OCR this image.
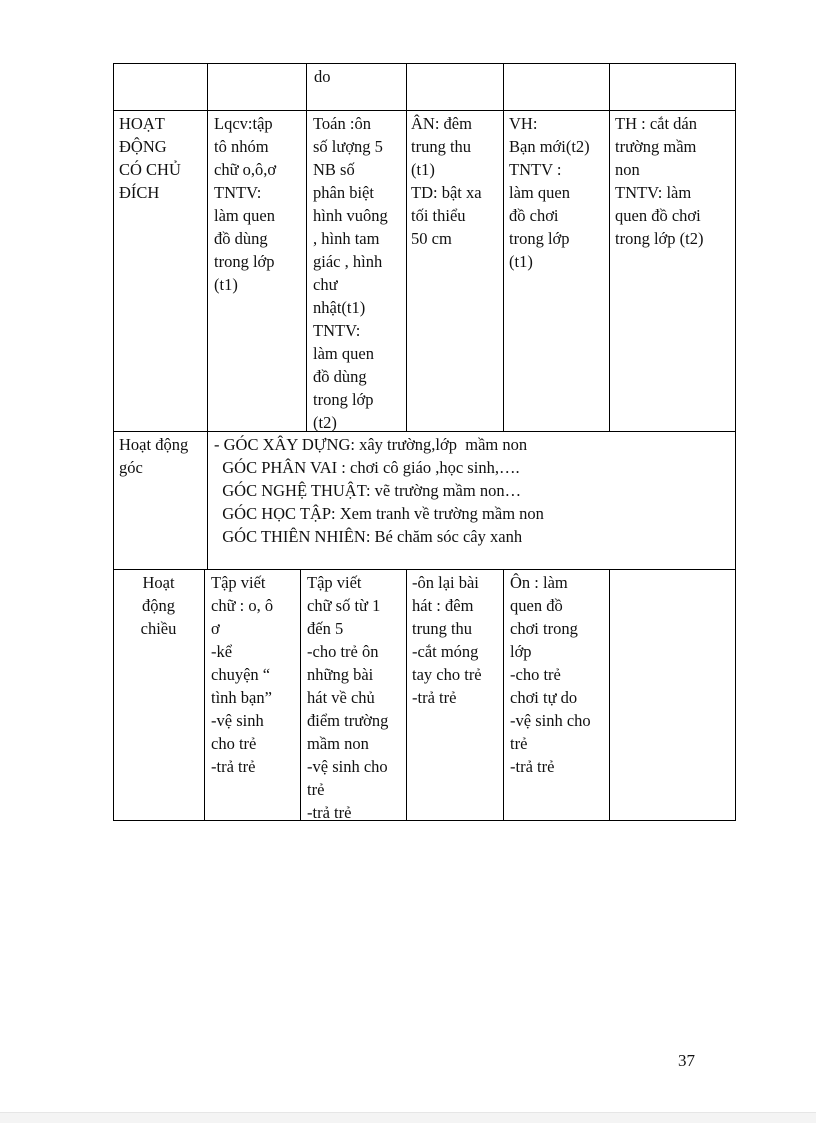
do
HOẠT
ĐỘNG
CÓ CHỦ
ĐÍCH
Lqcv:tập
tô nhóm
chữ o,ô,ơ
TNTV:
làm quen
đồ dùng
trong lớp
(t1)
Toán :ôn
số lượng 5
NB số
phân biệt
hình vuông
, hình tam
giác , hình
chư
nhật(t1)
TNTV:
làm quen
đồ dùng
trong lớp
(t2)
ÂN: đêm
trung thu
(t1)
TD: bật xa
tối thiểu
50 cm
VH:
Bạn mới(t2)
TNTV :
làm quen
đồ chơi
trong lớp
(t1)
TH : cắt dán
trường mầm
non
TNTV: làm
quen đồ chơi
trong lớp (t2)
Hoạt động
góc
- GÓC XÂY DỰNG: xây trường,lớp  mầm non
GÓC PHÂN VAI : chơi cô giáo ,học sinh,….
GÓC NGHỆ THUẬT: vẽ trường mầm non…
GÓC HỌC TẬP: Xem tranh về trường mầm non
GÓC THIÊN NHIÊN: Bé chăm sóc cây xanh
Hoạt
động
chiều
Tập viết
chữ : o, ô
ơ
-kể
chuyện “
tình bạn”
-vệ sinh
cho trẻ
-trả trẻ
Tập viết
chữ số từ 1
đến 5
-cho trẻ ôn
những bài
hát về chủ
điểm trường
mầm non
-vệ sinh cho
trẻ
-trả trẻ
-ôn lại bài
hát : đêm
trung thu
-cắt móng
tay cho trẻ
-trả trẻ
Ôn : làm
quen đồ
chơi trong
lớp
-cho trẻ
chơi tự do
-vệ sinh cho
trẻ
-trả trẻ
37
